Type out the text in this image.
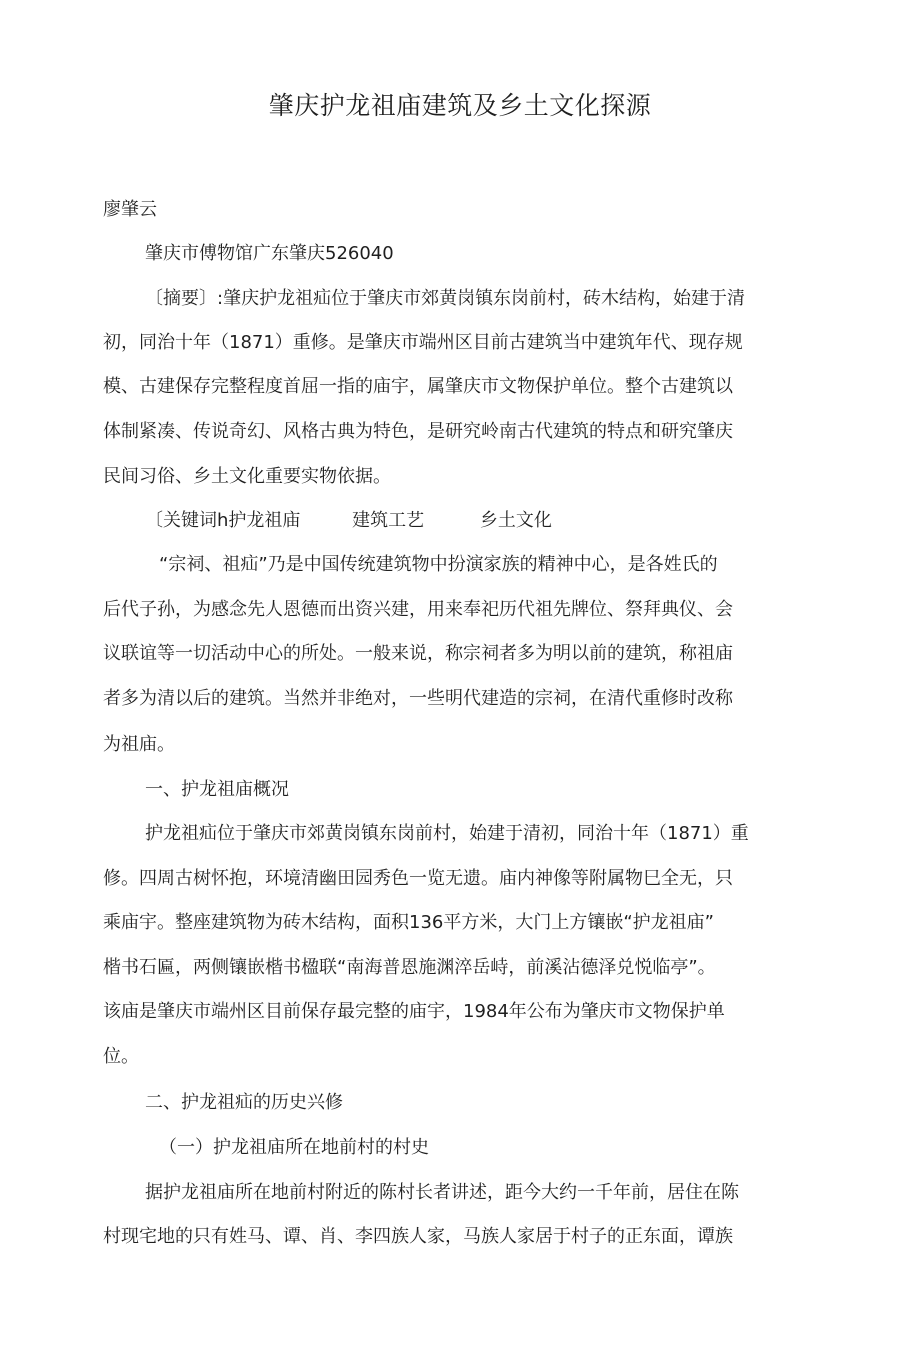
肇庆护龙祖庙建筑及乡土文化探源
廖肇云
肇庆市傅物馆广东肇庆526040
〔摘要〕:肇庆护龙祖疝位于肇庆市郊黄岗镇东岗前村，砖木结构，始建于清
初，同治十年（1871）重修。是肇庆市端州区目前古建筑当中建筑年代、现存规
模、古建保存完整程度首屈一指的庙宇，属肇庆市文物保护单位。整个古建筑以
体制紧凑、传说奇幻、风格古典为特色，是研究岭南古代建筑的特点和研究肇庆
民间习俗、乡土文化重要实物依据。
〔关键词h护龙祖庙	建筑工艺	乡土文化
“宗祠、祖疝”乃是中国传统建筑物中扮演家族的精神中心，是各姓氏的
后代子孙，为感念先人恩德而出资兴建，用来奉祀历代祖先牌位、祭拜典仪、会
议联谊等一切活动中心的所处。一般来说，称宗祠者多为明以前的建筑，称祖庙
者多为清以后的建筑。当然并非绝对，一些明代建造的宗祠，在清代重修时改称
为祖庙。
一、护龙祖庙概况
护龙祖疝位于肇庆市郊黄岗镇东岗前村，始建于清初，同治十年（1871）重
修。四周古树怀抱，环境清幽田园秀色一览无遗。庙内神像等附属物巳全无，只
乘庙宇。整座建筑物为砖木结构，面积136平方米，大门上方镶嵌“护龙祖庙”
楷书石匾，两侧镶嵌楷书楹联“南海普恩施渊淬岳峙，前溪沾德泽兑悦临亭”。
该庙是肇庆市端州区目前保存最完整的庙宇，1984年公布为肇庆市文物保护单
位。
二、护龙祖疝的历史兴修
（一）护龙祖庙所在地前村的村史
据护龙祖庙所在地前村附近的陈村长者讲述，距今大约一千年前，居住在陈
村现宅地的只有姓马、谭、肖、李四族人家，马族人家居于村子的正东面，谭族
